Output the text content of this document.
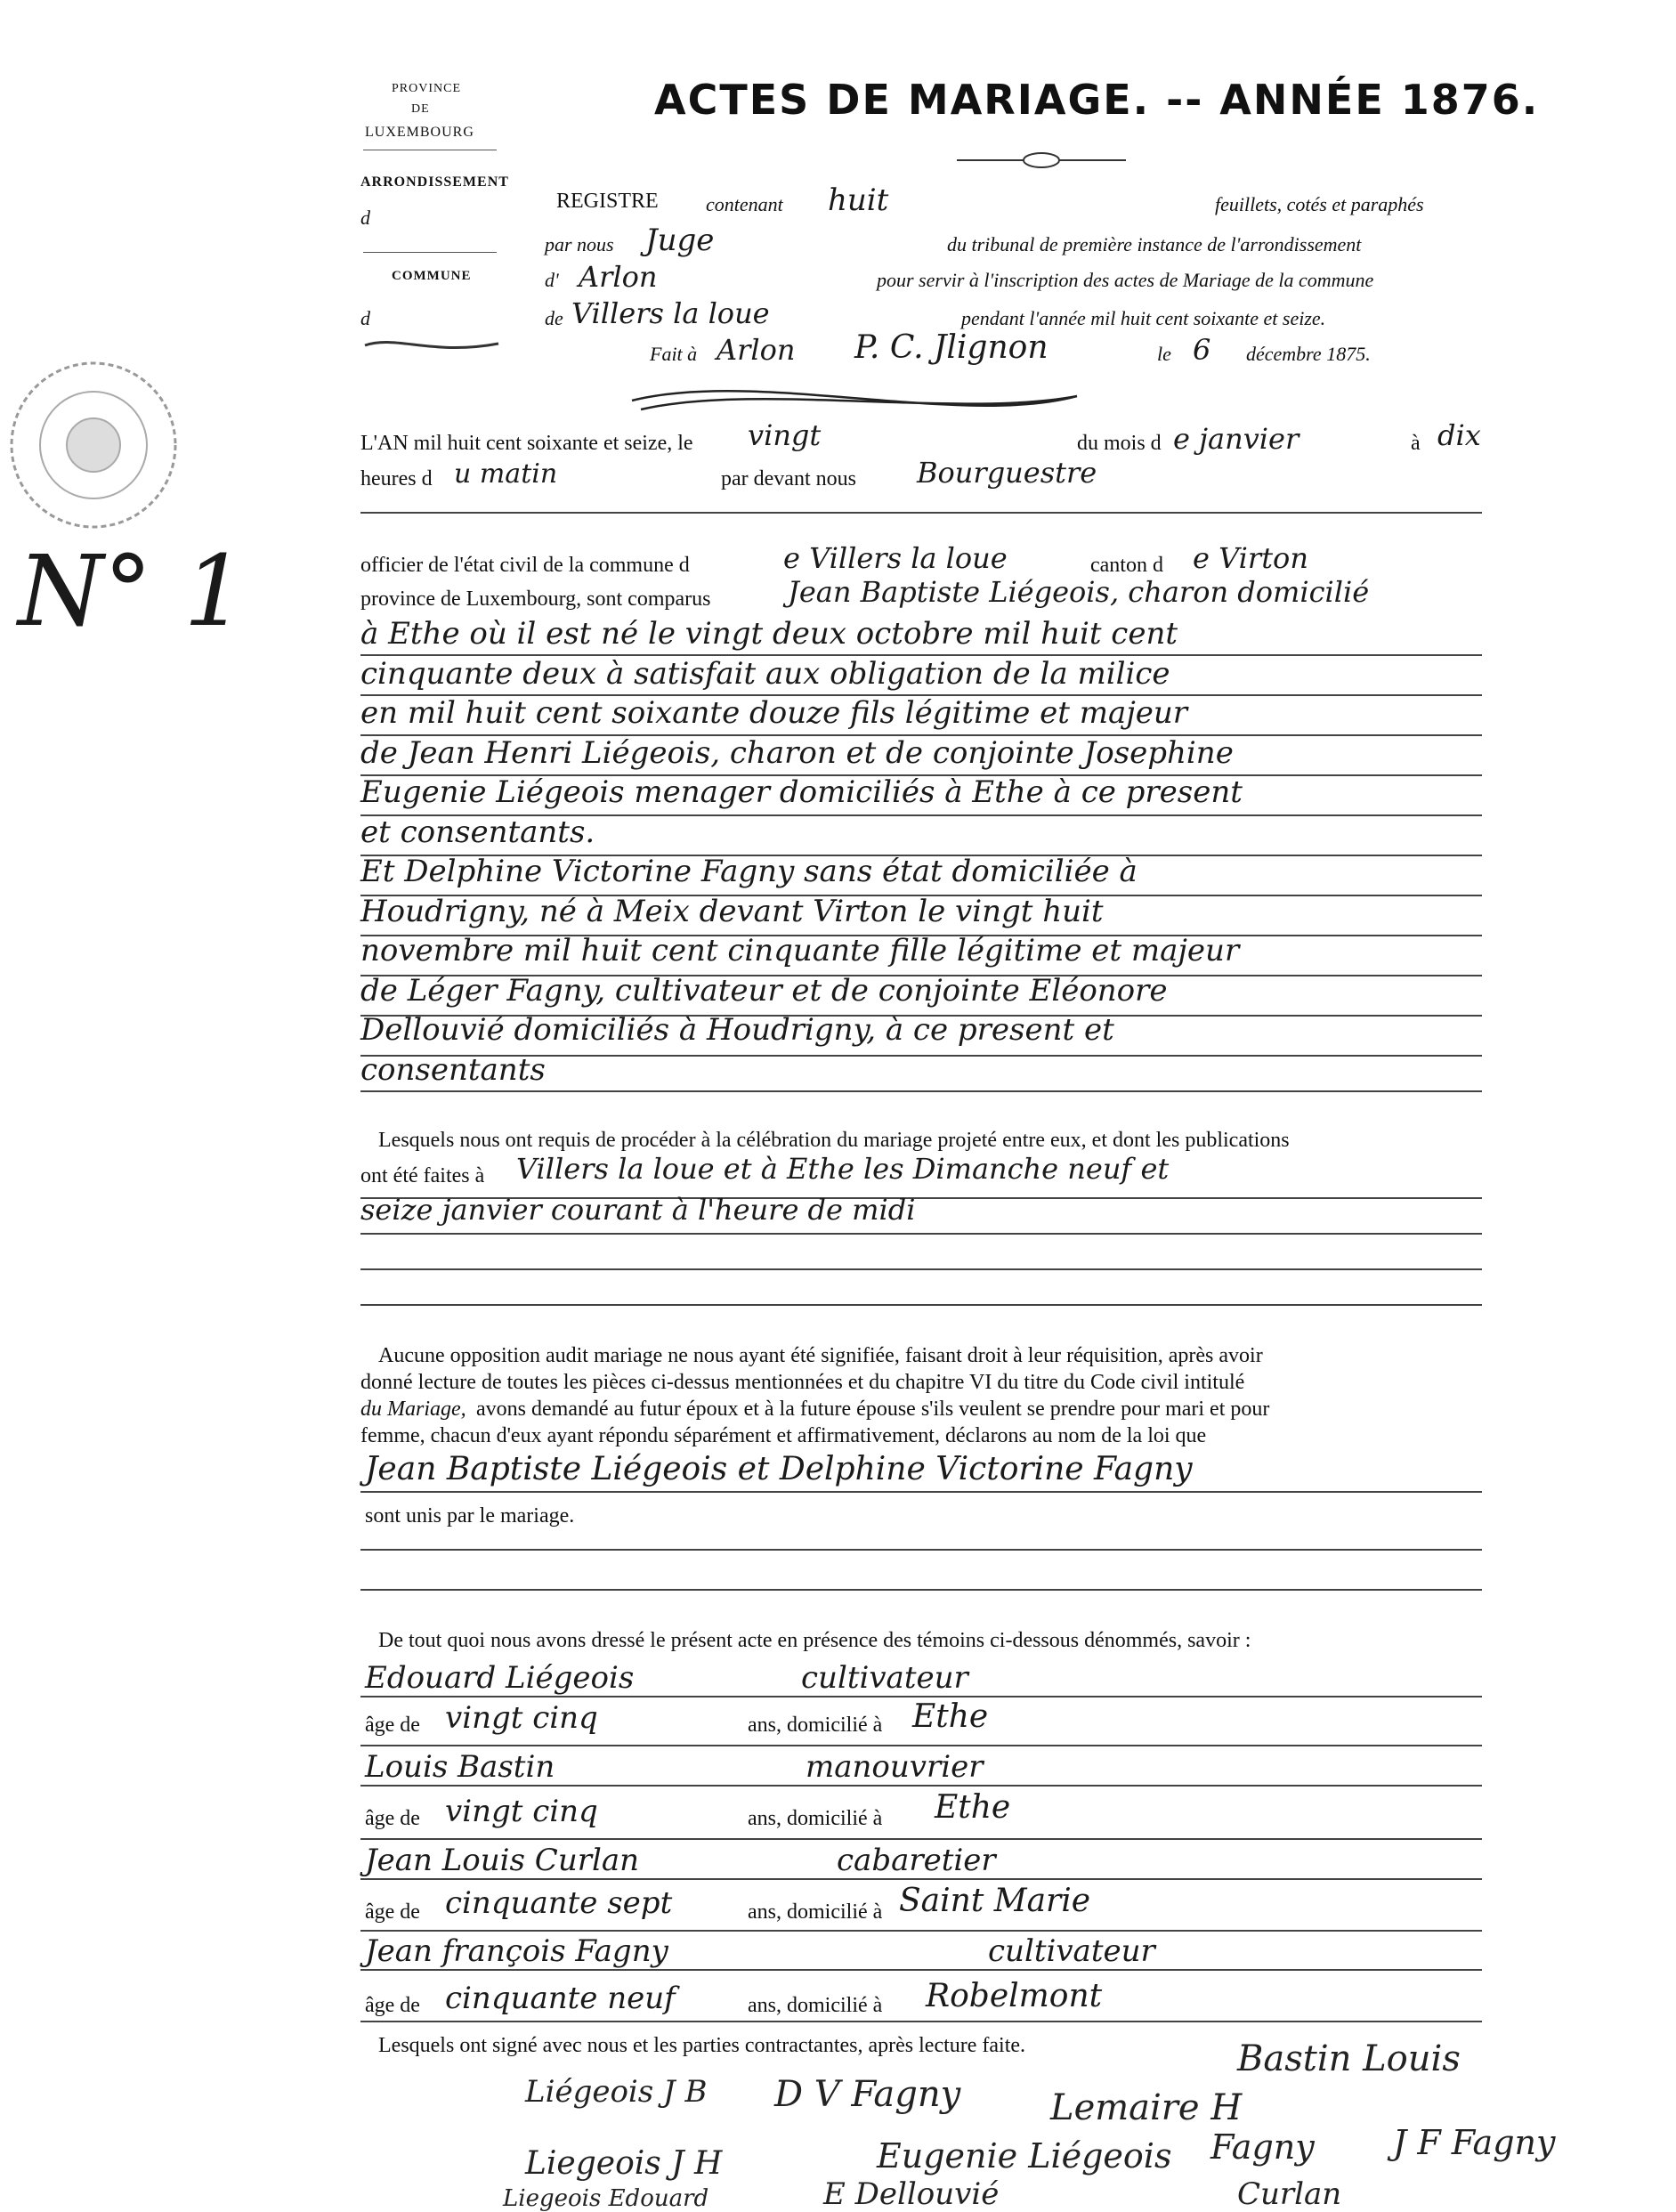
PROVINCE
DE
LUXEMBOURG
ARRONDISSEMENT
d
COMMUNE
d
N° 1
ACTES DE MARIAGE. -- ANNÉE 1876.
REGISTRE contenant huit	feuillets, cotés et paraphés
par nous Juge	du tribunal de première instance de l'arrondissement
d' Arlon	pour servir à l'inscription des actes de Mariage de la commune
de Villers la loue	pendant l'année mil huit cent soixante et seize.
Fait à Arlon P. C. Jlignon	le 6 décembre 1875.
L'AN mil huit cent soixante et seize, le vingt	du mois d e janvier	à dix
heures d u matin	par devant nous Bourguestre
officier de l'état civil de la commune d	e Villers la loue	canton d e Virton
province de Luxembourg, sont comparus	Jean Baptiste Liégeois, charon domicilié
à Ethe où il est né le vingt deux octobre mil huit cent
cinquante deux à satisfait aux obligation de la milice
en mil huit cent soixante douze fils légitime et majeur
de Jean Henri Liégeois, charon et de conjointe Josephine
Eugenie Liégeois menager domiciliés à Ethe à ce present
et consentants.
Et Delphine Victorine Fagny sans état domiciliée à
Houdrigny, né à Meix devant Virton le vingt huit
novembre mil huit cent cinquante fille légitime et majeur
de Léger Fagny, cultivateur et de conjointe Eléonore
Dellouvié domiciliés à Houdrigny, à ce present et
consentants
Lesquels nous ont requis de procéder à la célébration du mariage projeté entre eux, et dont les publications
ont été faites à Villers la loue et à Ethe les Dimanche neuf et
seize janvier courant à l'heure de midi
Aucune opposition audit mariage ne nous ayant été signifiée, faisant droit à leur réquisition, après avoir
donné lecture de toutes les pièces ci-dessus mentionnées et du chapitre VI du titre du Code civil intitulé
du Mariage, avons demandé au futur époux et à la future épouse s'ils veulent se prendre pour mari et pour
femme, chacun d'eux ayant répondu séparément et affirmativement, déclarons au nom de la loi que
Jean Baptiste Liégeois et Delphine Victorine Fagny
sont unis par le mariage.
De tout quoi nous avons dressé le présent acte en présence des témoins ci-dessous dénommés, savoir :
Edouard Liégeois	cultivateur
âge de vingt cinq	ans, domicilié à Ethe
Louis Bastin	manouvrier
âge de vingt cinq	ans, domicilié à Ethe
Jean Louis Curlan	cabaretier
âge de cinquante sept	ans, domicilié à Saint Marie
Jean françois Fagny	cultivateur
âge de cinquante neuf	ans, domicilié à Robelmont
Lesquels ont signé avec nous et les parties contractantes, après lecture faite.
Liégeois J B D V Fagny	Lemaire H
Bastin Louis
Liegeois J H	Eugenie Liégeois Fagny J F Fagny
Liegeois Edouard	E Dellouvié	Curlan
